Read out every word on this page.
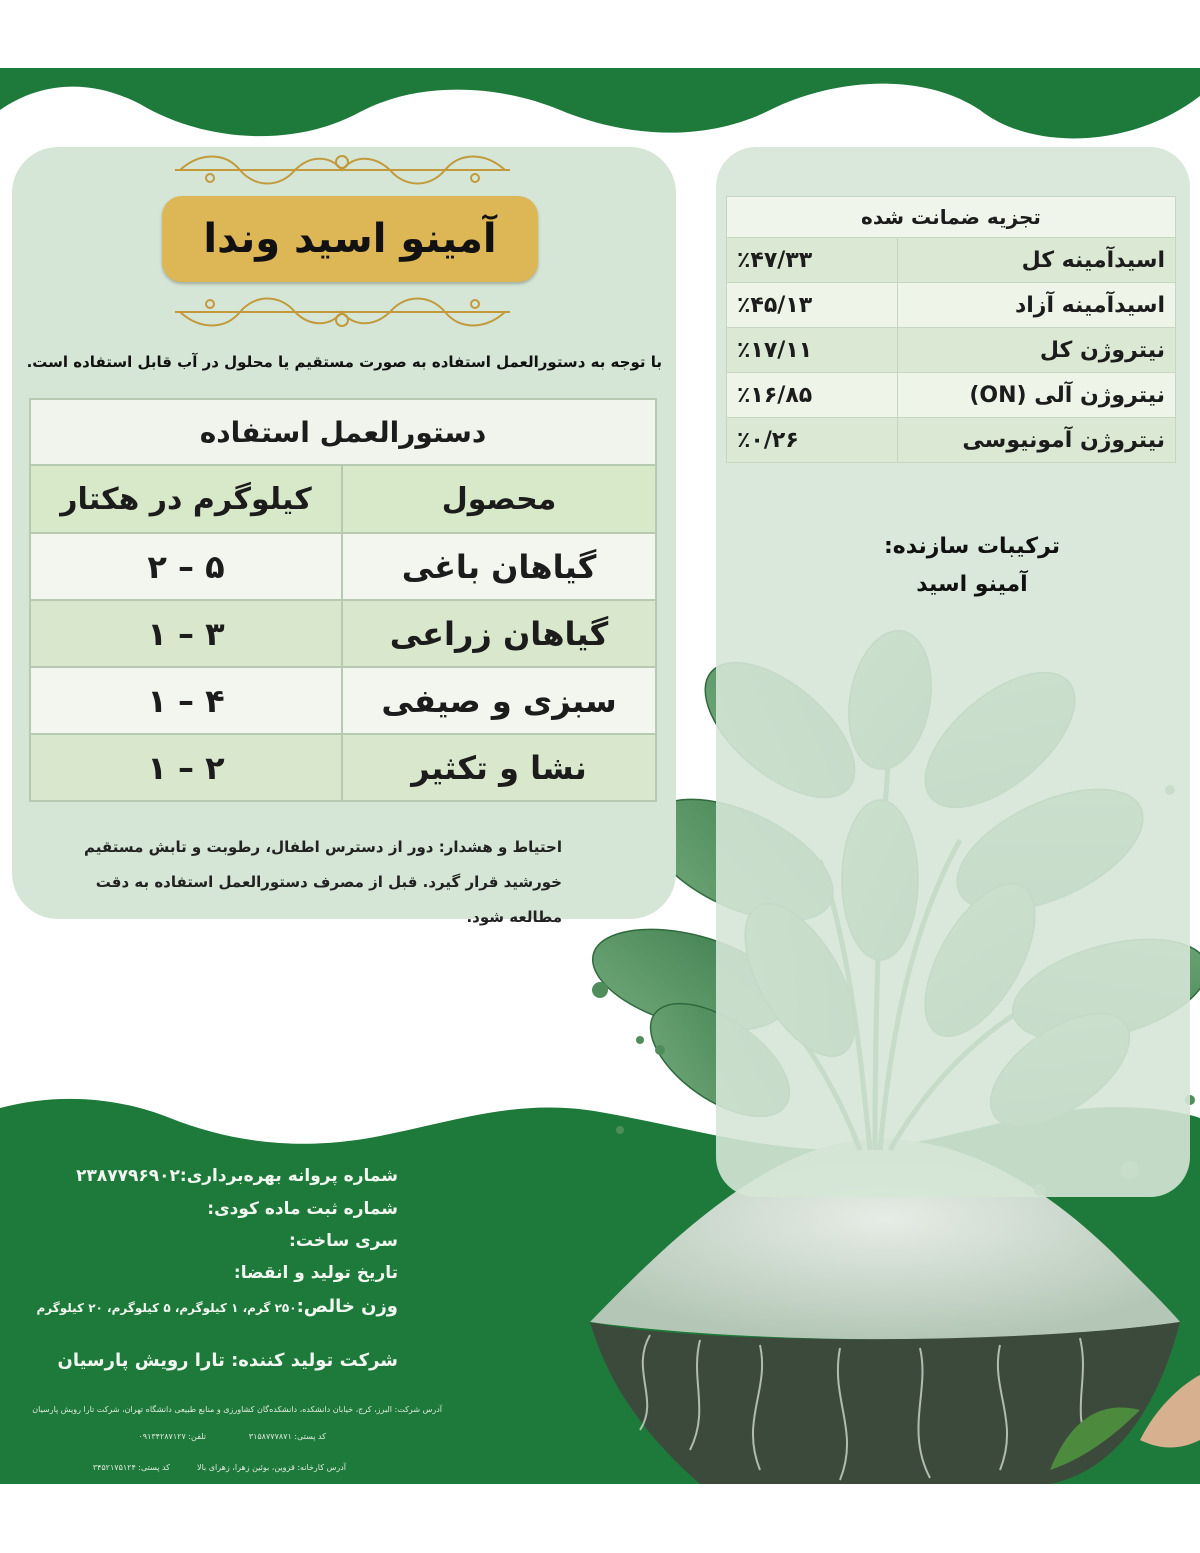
آمینو اسید وندا
با توجه به دستورالعمل استفاده به صورت مستقیم یا محلول در آب قابل استفاده است.
دستورالعمل استفاده	
محصول	کیلوگرم در هکتار
گیاهان باغی	۵ – ۲
گیاهان زراعی	۳ – ۱
سبزی و صیفی	۴ – ۱
نشا و تکثیر	۲ – ۱
احتیاط و هشدار: دور از دسترس اطفال، رطوبت و تابش مستقیم خورشید قرار گیرد. قبل از مصرف دستورالعمل استفاده به دقت مطالعه شود.
تجزیه ضمانت شده	
اسیدآمینه کل	٪۴۷/۳۳
اسیدآمینه آزاد	٪۴۵/۱۳
نیتروژن کل	٪۱۷/۱۱
نیتروژن آلی (ON)	٪۱۶/۸۵
نیتروژن آمونیوسی	٪۰/۲۶
ترکیبات سازنده:
آمینو اسید
شماره پروانه بهره‌برداری:۲۳۸۷۷۹۶۹۰۲
شماره ثبت ماده کودی:
سری ساخت:
تاریخ تولید و انقضا:
وزن خالص:۲۵۰ گرم، ۱ کیلوگرم، ۵ کیلوگرم، ۲۰ کیلوگرم
شرکت تولید کننده: تارا رویش پارسیان
آدرس شرکت: البرز، کرج، خیابان دانشکده، دانشکده‌گان کشاورزی و منابع طبیعی دانشگاه تهران، شرکت تارا رویش پارسیان
کد پستی: ۳۱۵۸۷۷۷۸۷۱
تلفن: ۰۹۱۳۴۲۸۷۱۲۷
آدرس کارخانه: قزوین، بوئین زهرا، زهرای بالا
کد پستی: ۳۴۵۲۱۷۵۱۲۴
